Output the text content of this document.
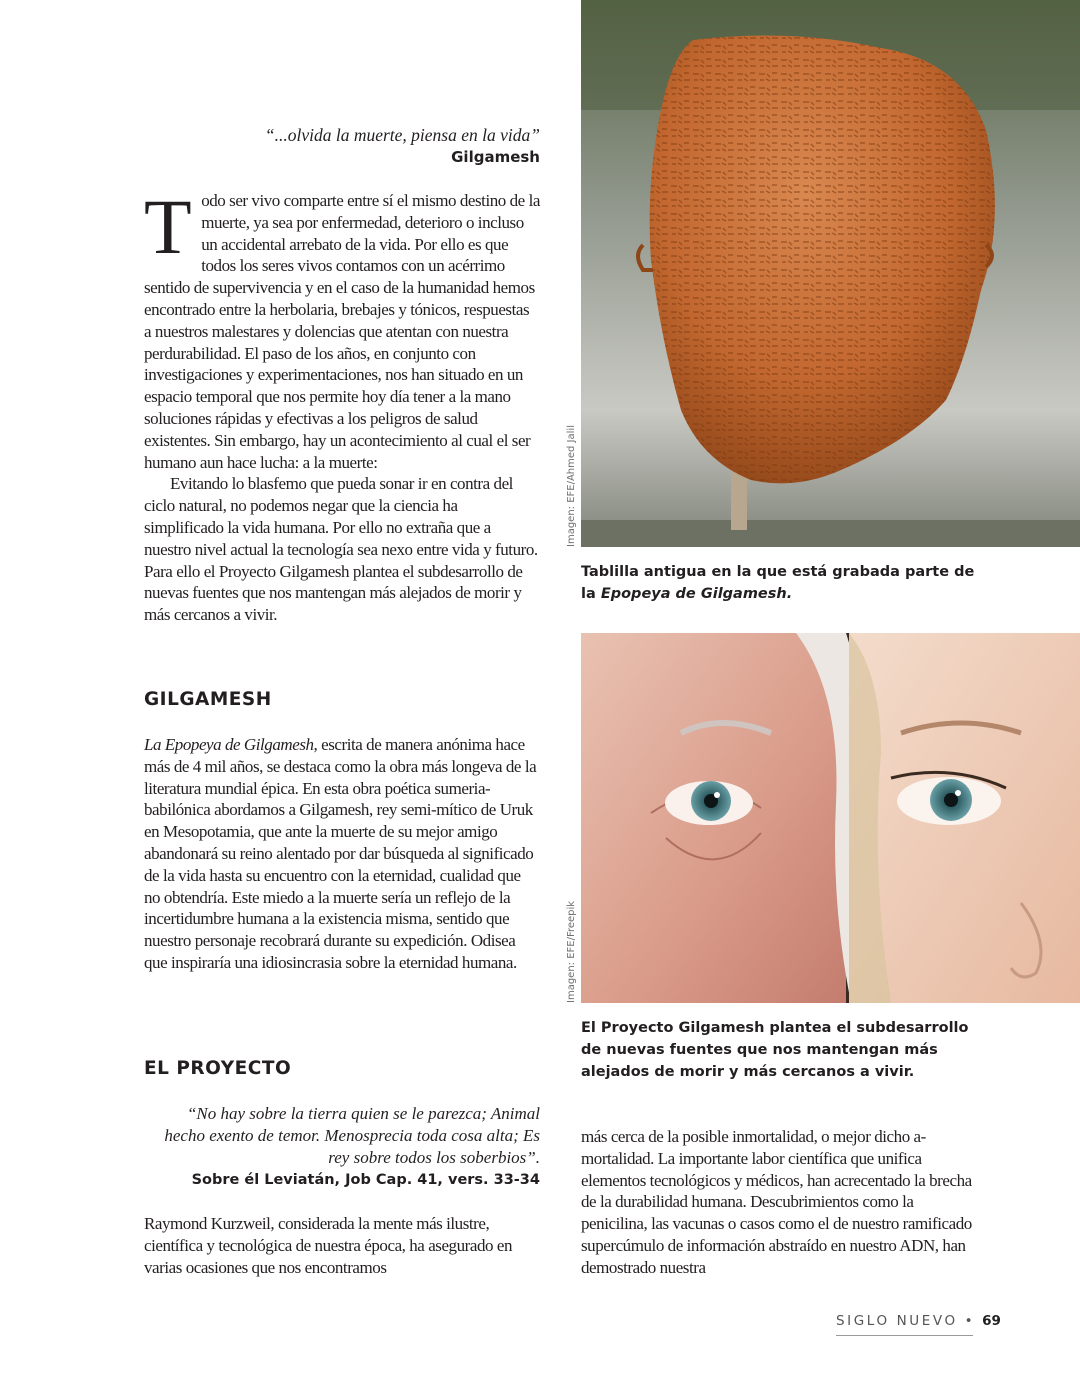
“...olvida la muerte, piensa en la vida”
Gilgamesh

Todo ser vivo comparte entre sí el mismo destino de la muerte, ya sea por enfermedad, deterioro o incluso un accidental arrebato de la vida. Por ello es que todos los seres vivos contamos con un acérrimo sentido de supervivencia y en el caso de la humanidad hemos encontrado entre la herbolaria, brebajes y tónicos, respuestas a nuestros malestares y dolencias que atentan con nuestra perdurabilidad. El paso de los años, en conjunto con investigaciones y experimentaciones, nos han situado en un espacio temporal que nos permite hoy día tener a la mano soluciones rápidas y efectivas a los peligros de salud existentes. Sin embargo, hay un acontecimiento al cual el ser humano aun hace lucha: a la muerte:

Evitando lo blasfemo que pueda sonar ir en contra del ciclo natural, no podemos negar que la ciencia ha simplificado la vida humana. Por ello no extraña que a nuestro nivel actual la tecnología sea nexo entre vida y futuro. Para ello el Proyecto Gilgamesh plantea el subdesarrollo de nuevas fuentes que nos mantengan más alejados de morir y más cercanos a vivir.

GILGAMESH

La Epopeya de Gilgamesh, escrita de manera anónima hace más de 4 mil años, se destaca como la obra más longeva de la literatura mundial épica. En esta obra poética sumeria-babilónica abordamos a Gilgamesh, rey semi-mítico de Uruk en Mesopotamia, que ante la muerte de su mejor amigo abandonará su reino alentado por dar búsqueda al significado de la vida hasta su encuentro con la eternidad, cualidad que no obtendría. Este miedo a la muerte sería un reflejo de la incertidumbre humana a la existencia misma, sentido que nuestro personaje recobrará durante su expedición. Odisea que inspiraría una idiosincrasia sobre la eternidad humana.

EL PROYECTO
“No hay sobre la tierra quien se le parezca; Animal hecho exento de temor. Menosprecia toda cosa alta; Es rey sobre todos los soberbios”.
Sobre él Leviatán, Job Cap. 41, vers. 33-34

Raymond Kurzweil, considerada la mente más ilustre, científica y tecnológica de nuestra época, ha asegurado en varias ocasiones que nos encontramos

más cerca de la posible inmortalidad, o mejor dicho a-mortalidad. La importante labor científica que unifica elementos tecnológicos y médicos, han acrecentado la brecha de la durabilidad humana. Descubrimientos como la penicilina, las vacunas o casos como el de nuestro ramificado supercúmulo de información abstraído en nuestro ADN, han demostrado nuestra

Imagen: EFE/Ahmed Jalil
Tablilla antigua en la que está grabada parte de la Epopeya de Gilgamesh.
Imagen: EFE/Freepik
El Proyecto Gilgamesh plantea el subdesarrollo de nuevas fuentes que nos mantengan más alejados de morir y más cercanos a vivir.
SIGLO NUEVO • 69
